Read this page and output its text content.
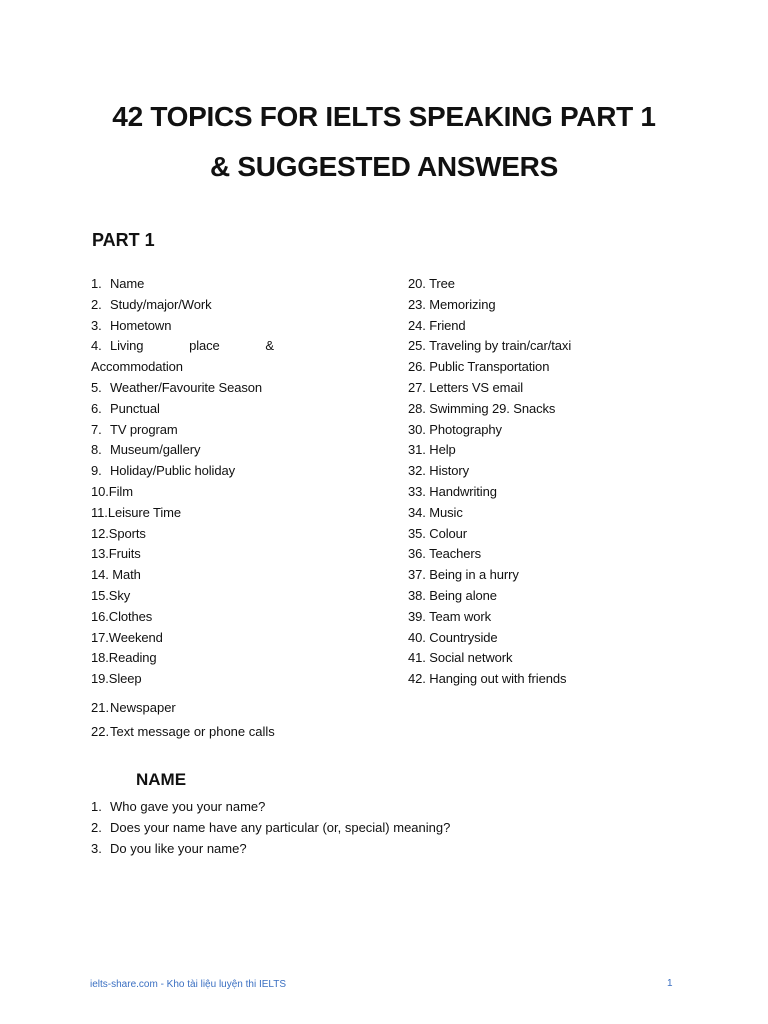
42 TOPICS FOR IELTS SPEAKING PART 1
& SUGGESTED ANSWERS
PART 1
1. Name
2. Study/major/Work
3. Hometown
4. Living	place	&
Accommodation
5. Weather/Favourite Season
6. Punctual
7. TV program
8. Museum/gallery
9. Holiday/Public holiday
10.Film
11.Leisure Time
12.Sports
13.Fruits
14. Math
15.Sky
16.Clothes
17.Weekend
18.Reading
19.Sleep
20. Tree
23. Memorizing
24. Friend
25. Traveling by train/car/taxi
26. Public Transportation
27. Letters VS email
28. Swimming 29. Snacks
30. Photography
31. Help
32. History
33. Handwriting
34. Music
35. Colour
36. Teachers
37. Being in a hurry
38. Being alone
39. Team work
40. Countryside
41. Social network
42. Hanging out with friends
21.Newspaper
22.Text message or phone calls
NAME
1. Who gave you your name?
2. Does your name have any particular (or, special) meaning?
3. Do you like your name?
ielts-share.com - Kho tài liệu luyện thi IELTS	1
